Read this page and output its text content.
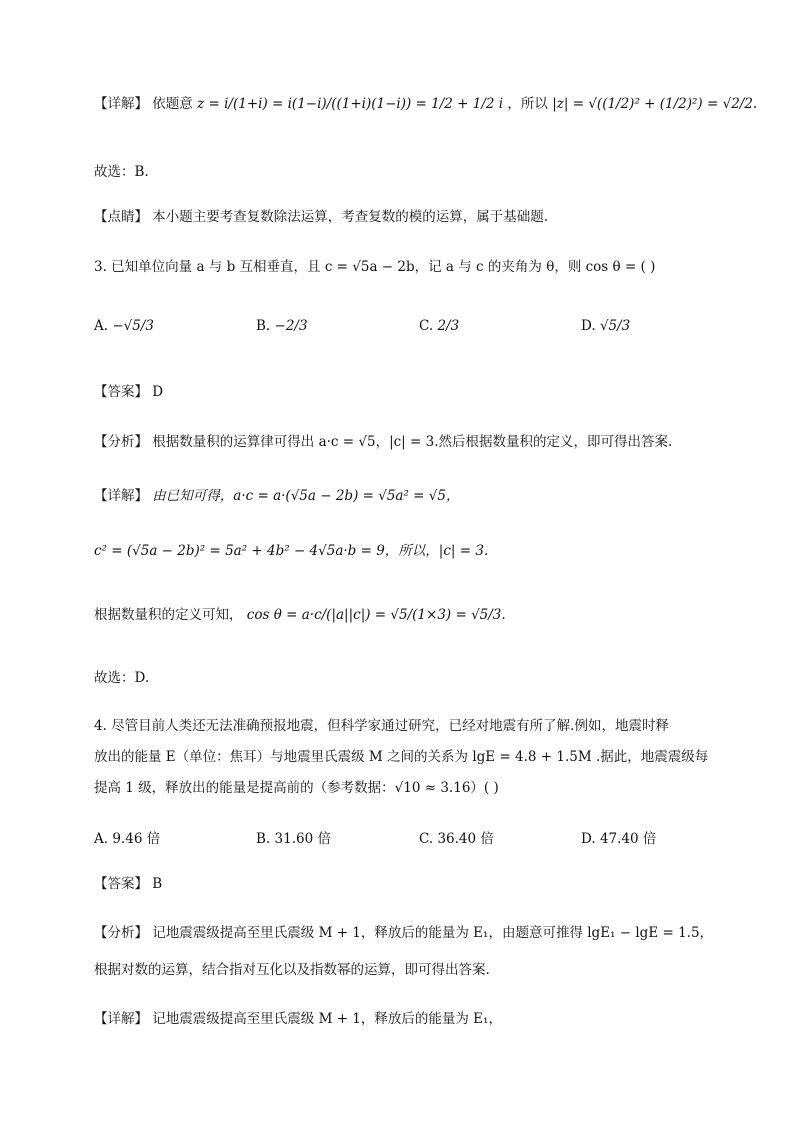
【详解】 依题意 z = i/(1+i) = i(1−i)/((1+i)(1−i)) = 1/2 + 1/2 i ，所以 |z| = √((1/2)² + (1/2)²) = √2/2.
故选：B.
【点睛】 本小题主要考查复数除法运算，考查复数的模的运算，属于基础题.
3. 已知单位向量 a 与 b 互相垂直，且 c = √5a − 2b，记 a 与 c 的夹角为 θ，则 cos θ = ( )
A. −√5/3	B. −2/3	C. 2/3	D. √5/3
【答案】 D
【分析】 根据数量积的运算律可得出 a·c = √5，|c| = 3.然后根据数量积的定义，即可得出答案.
【详解】 由已知可得，a·c = a·(√5a − 2b) = √5a² = √5，
c² = (√5a − 2b)² = 5a² + 4b² − 4√5a·b = 9，所以，|c| = 3.
根据数量积的定义可知， cos θ = a·c/(|a||c|) = √5/(1×3) = √5/3.
故选：D.
4. 尽管目前人类还无法准确预报地震，但科学家通过研究，已经对地震有所了解.例如，地震时释
放出的能量 E（单位：焦耳）与地震里氏震级 M 之间的关系为 lgE = 4.8 + 1.5M .据此，地震震级每
提高 1 级，释放出的能量是提高前的（参考数据：√10 ≈ 3.16）( )
A. 9.46 倍	B. 31.60 倍	C. 36.40 倍	D. 47.40 倍
【答案】 B
【分析】 记地震震级提高至里氏震级 M + 1，释放后的能量为 E₁，由题意可推得 lgE₁ − lgE = 1.5，
根据对数的运算，结合指对互化以及指数幂的运算，即可得出答案.
【详解】 记地震震级提高至里氏震级 M + 1，释放后的能量为 E₁，
